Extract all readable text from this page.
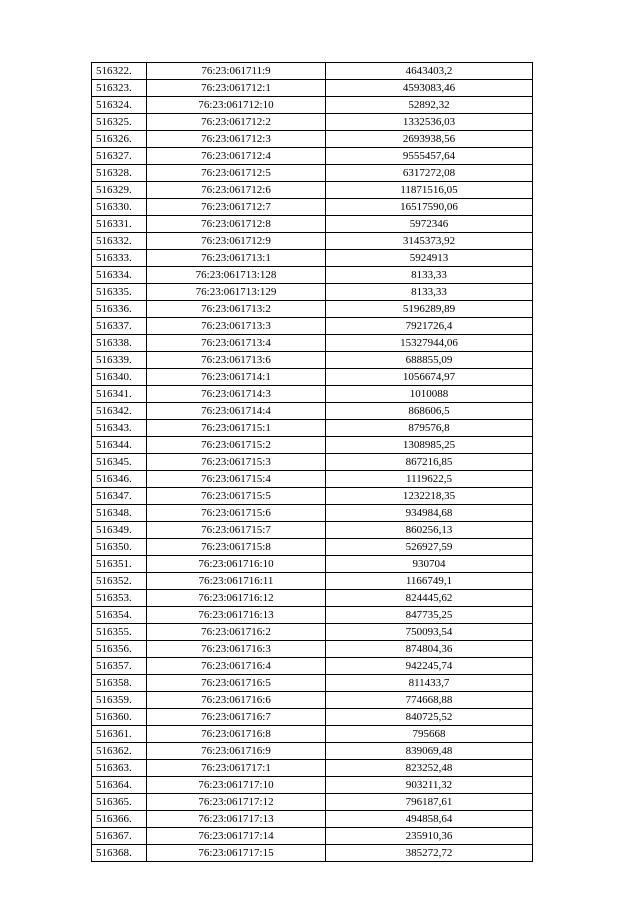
516322.	76:23:061711:9	4643403,2
516323.	76:23:061712:1	4593083,46
516324.	76:23:061712:10	52892,32
516325.	76:23:061712:2	1332536,03
516326.	76:23:061712:3	2693938,56
516327.	76:23:061712:4	9555457,64
516328.	76:23:061712:5	6317272,08
516329.	76:23:061712:6	11871516,05
516330.	76:23:061712:7	16517590,06
516331.	76:23:061712:8	5972346
516332.	76:23:061712:9	3145373,92
516333.	76:23:061713:1	5924913
516334.	76:23:061713:128	8133,33
516335.	76:23:061713:129	8133,33
516336.	76:23:061713:2	5196289,89
516337.	76:23:061713:3	7921726,4
516338.	76:23:061713:4	15327944,06
516339.	76:23:061713:6	688855,09
516340.	76:23:061714:1	1056674,97
516341.	76:23:061714:3	1010088
516342.	76:23:061714:4	868606,5
516343.	76:23:061715:1	879576,8
516344.	76:23:061715:2	1308985,25
516345.	76:23:061715:3	867216,85
516346.	76:23:061715:4	1119622,5
516347.	76:23:061715:5	1232218,35
516348.	76:23:061715:6	934984,68
516349.	76:23:061715:7	860256,13
516350.	76:23:061715:8	526927,59
516351.	76:23:061716:10	930704
516352.	76:23:061716:11	1166749,1
516353.	76:23:061716:12	824445,62
516354.	76:23:061716:13	847735,25
516355.	76:23:061716:2	750093,54
516356.	76:23:061716:3	874804,36
516357.	76:23:061716:4	942245,74
516358.	76:23:061716:5	811433,7
516359.	76:23:061716:6	774668,88
516360.	76:23:061716:7	840725,52
516361.	76:23:061716:8	795668
516362.	76:23:061716:9	839069,48
516363.	76:23:061717:1	823252,48
516364.	76:23:061717:10	903211,32
516365.	76:23:061717:12	796187,61
516366.	76:23:061717:13	494858,64
516367.	76:23:061717:14	235910,36
516368.	76:23:061717:15	385272,72
